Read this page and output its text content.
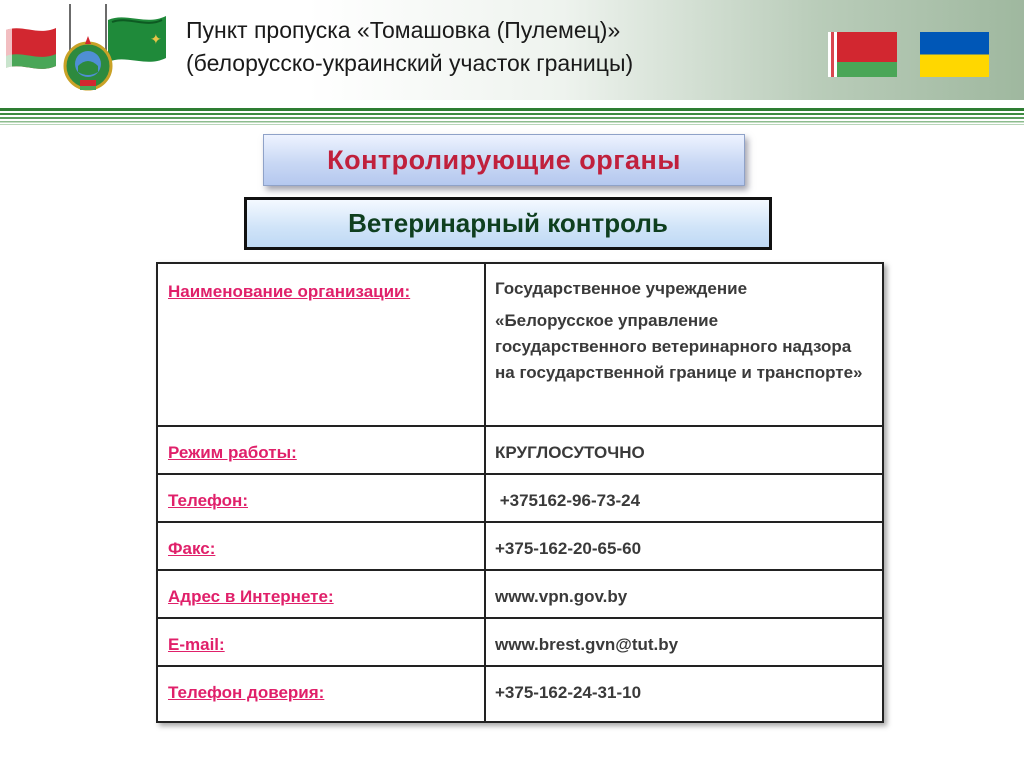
✦ Пункт пропуска «Томашовка (Пулемец)»
(белорусско-украинский участок границы)
Контролирующие органы
Ветеринарный контроль
Наименование организации:	Государственное учреждение
«Белорусское управление государственного ветеринарного надзора на государственной границе и транспорте»

Режим работы:	КРУГЛОСУТОЧНО
Телефон:	+375162-96-73-24
Факс:	+375-162-20-65-60
Адрес в Интернете:	www.vpn.gov.by
E-mail:	www.brest.gvn@tut.by
Телефон доверия:	+375-162-24-31-10
